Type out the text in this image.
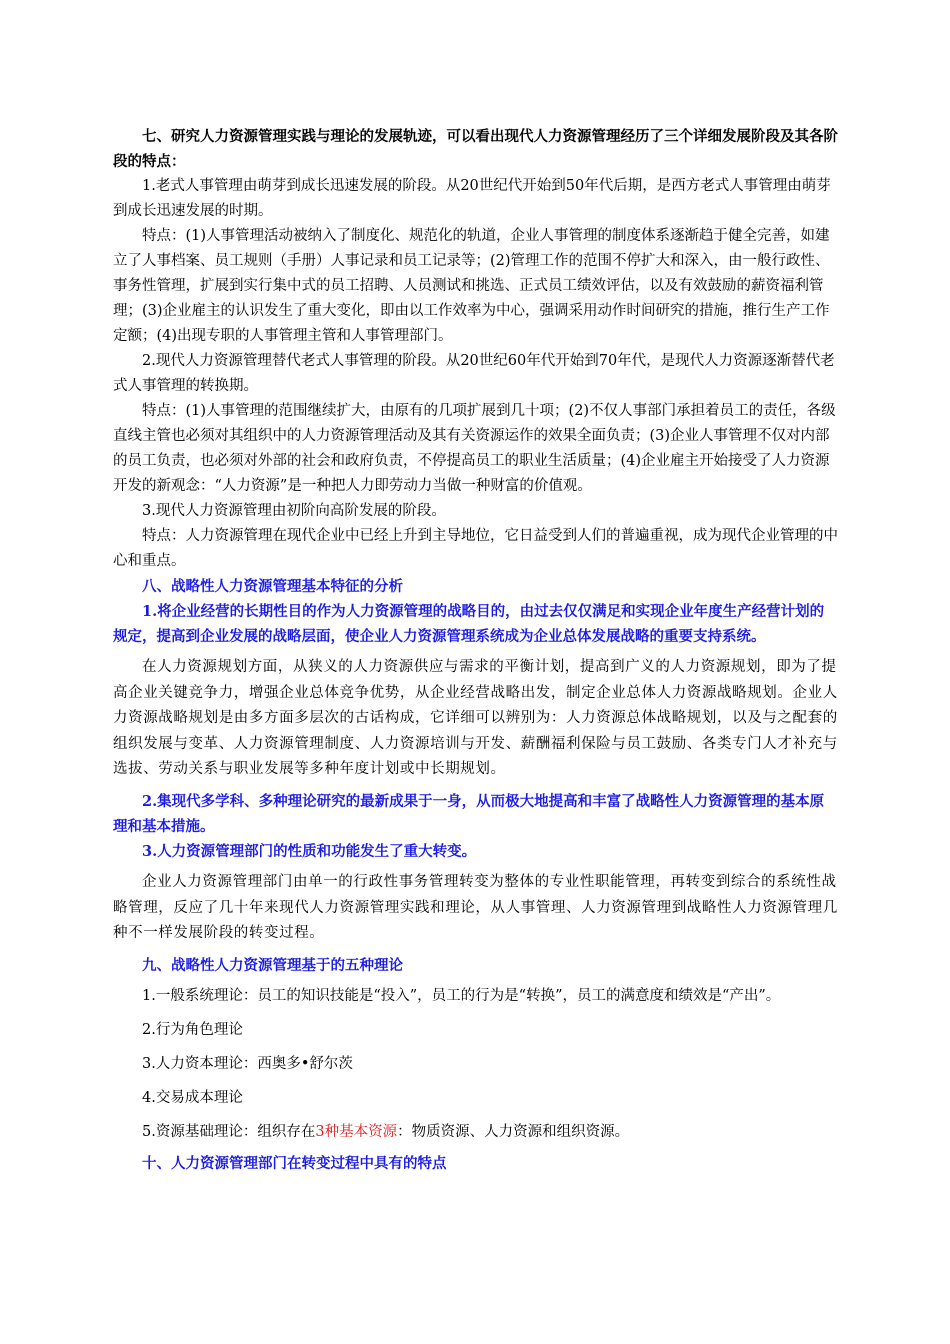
七、研究人力资源管理实践与理论的发展轨迹，可以看出现代人力资源管理经历了三个详细发展阶段及其各阶段的特点：

1.老式人事管理由萌芽到成长迅速发展的阶段。从20世纪代开始到50年代后期，是西方老式人事管理由萌芽到成长迅速发展的时期。

特点：(1)人事管理活动被纳入了制度化、规范化的轨道，企业人事管理的制度体系逐渐趋于健全完善，如建立了人事档案、员工规则（手册）人事记录和员工记录等；(2)管理工作的范围不停扩大和深入，由一般行政性、事务性管理，扩展到实行集中式的员工招聘、人员测试和挑选、正式员工绩效评估，以及有效鼓励的薪资福利管理；(3)企业雇主的认识发生了重大变化，即由以工作效率为中心，强调采用动作时间研究的措施，推行生产工作定额；(4)出现专职的人事管理主管和人事管理部门。

2.现代人力资源管理替代老式人事管理的阶段。从20世纪60年代开始到70年代，是现代人力资源逐渐替代老式人事管理的转换期。

特点：(1)人事管理的范围继续扩大，由原有的几项扩展到几十项；(2)不仅人事部门承担着员工的责任，各级直线主管也必须对其组织中的人力资源管理活动及其有关资源运作的效果全面负责；(3)企业人事管理不仅对内部的员工负责，也必须对外部的社会和政府负责，不停提高员工的职业生活质量；(4)企业雇主开始接受了人力资源开发的新观念：“人力资源”是一种把人力即劳动力当做一种财富的价值观。

3.现代人力资源管理由初阶向高阶发展的阶段。

特点：人力资源管理在现代企业中已经上升到主导地位，它日益受到人们的普遍重视，成为现代企业管理的中心和重点。

八、战略性人力资源管理基本特征的分析

1.将企业经营的长期性目的作为人力资源管理的战略目的，由过去仅仅满足和实现企业年度生产经营计划的规定，提高到企业发展的战略层面，使企业人力资源管理系统成为企业总体发展战略的重要支持系统。

在人力资源规划方面，从狭义的人力资源供应与需求的平衡计划，提高到广义的人力资源规划，即为了提高企业关键竞争力，增强企业总体竞争优势，从企业经营战略出发，制定企业总体人力资源战略规划。企业人力资源战略规划是由多方面多层次的古话构成，它详细可以辨别为：人力资源总体战略规划，以及与之配套的组织发展与变革、人力资源管理制度、人力资源培训与开发、薪酬福利保险与员工鼓励、各类专门人才补充与选拔、劳动关系与职业发展等多种年度计划或中长期规划。

2.集现代多学科、多种理论研究的最新成果于一身，从而极大地提高和丰富了战略性人力资源管理的基本原理和基本措施。

3.人力资源管理部门的性质和功能发生了重大转变。

企业人力资源管理部门由单一的行政性事务管理转变为整体的专业性职能管理，再转变到综合的系统性战略管理，反应了几十年来现代人力资源管理实践和理论，从人事管理、人力资源管理到战略性人力资源管理几种不一样发展阶段的转变过程。

九、战略性人力资源管理基于的五种理论

1.一般系统理论：员工的知识技能是“投入”，员工的行为是“转换”，员工的满意度和绩效是“产出”。

2.行为角色理论

3.人力资本理论：西奥多•舒尔茨

4.交易成本理论

5.资源基础理论：组织存在3种基本资源：物质资源、人力资源和组织资源。

十、人力资源管理部门在转变过程中具有的特点
